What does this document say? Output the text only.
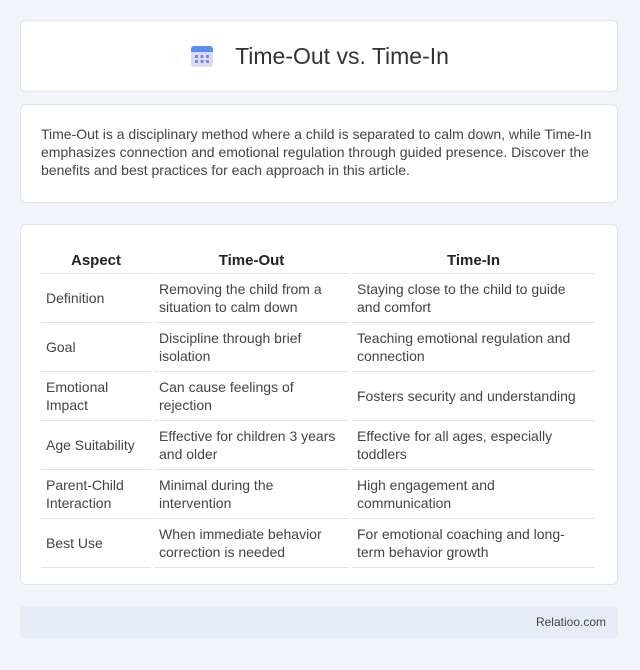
Time-Out vs. Time-In

Time-Out is a disciplinary method where a child is separated to calm down, while Time-In emphasizes connection and emotional regulation through guided presence. Discover the benefits and best practices for each approach in this article.

Aspect	Time-Out	Time-In
Definition	Removing the child from a situation to calm down	Staying close to the child to guide and comfort
Goal	Discipline through brief isolation	Teaching emotional regulation and connection
Emotional Impact	Can cause feelings of rejection	Fosters security and understanding
Age Suitability	Effective for children 3 years and older	Effective for all ages, especially toddlers
Parent-Child Interaction	Minimal during the intervention	High engagement and communication
Best Use	When immediate behavior correction is needed	For emotional coaching and long-term behavior growth
Relatioo.com
